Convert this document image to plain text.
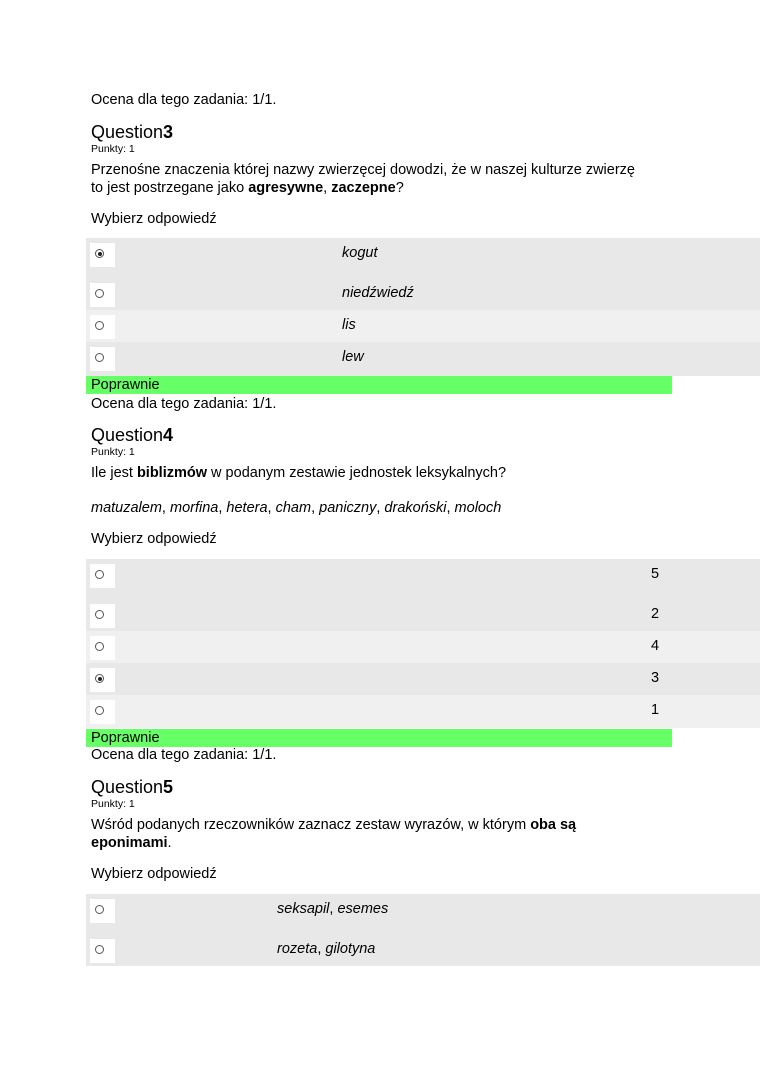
Ocena dla tego zadania: 1/1.
Question3
Punkty: 1
Przenośne znaczenia której nazwy zwierzęcej dowodzi, że w naszej kulturze zwierzę
to jest postrzegane jako agresywne, zaczepne?
Wybierz odpowiedź
kogut
niedźwiedź
lis
lew
Poprawnie
Ocena dla tego zadania: 1/1.
Question4
Punkty: 1
Ile jest biblizmów w podanym zestawie jednostek leksykalnych?
matuzalem, morfina, hetera, cham, paniczny, drakoński, moloch
Wybierz odpowiedź
5
2
4
3
1
Poprawnie
Ocena dla tego zadania: 1/1.
Question5
Punkty: 1
Wśród podanych rzeczowników zaznacz zestaw wyrazów, w którym oba są
eponimami.
Wybierz odpowiedź
seksapil, esemes
rozeta, gilotyna
